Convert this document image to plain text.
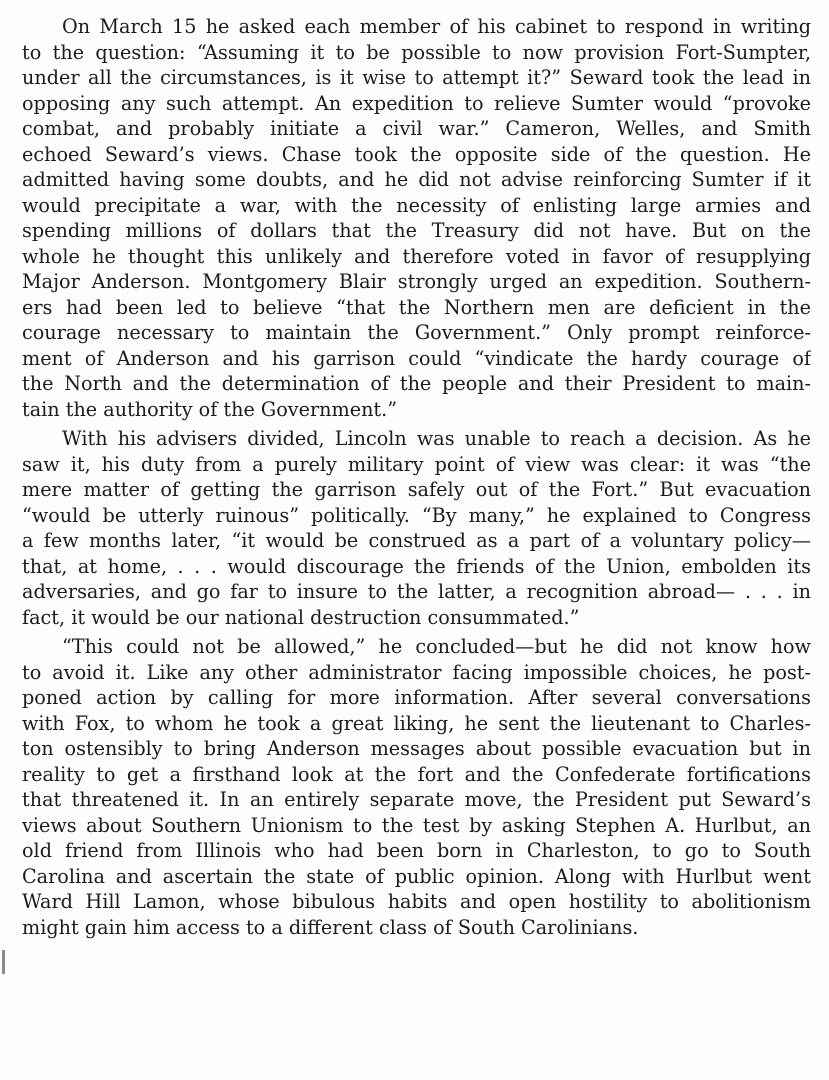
On March 15 he asked each member of his cabinet to respond in writing
to the question: “Assuming it to be possible to now provision Fort-Sumpter,
under all the circumstances, is it wise to attempt it?” Seward took the lead in
opposing any such attempt. An expedition to relieve Sumter would “provoke
combat, and probably initiate a civil war.” Cameron, Welles, and Smith
echoed Seward’s views. Chase took the opposite side of the question. He
admitted having some doubts, and he did not advise reinforcing Sumter if it
would precipitate a war, with the necessity of enlisting large armies and
spending millions of dollars that the Treasury did not have. But on the
whole he thought this unlikely and therefore voted in favor of resupplying
Major Anderson. Montgomery Blair strongly urged an expedition. Southern-
ers had been led to believe “that the Northern men are deficient in the
courage necessary to maintain the Government.” Only prompt reinforce-
ment of Anderson and his garrison could “vindicate the hardy courage of
the North and the determination of the people and their President to main-
tain the authority of the Government.”
With his advisers divided, Lincoln was unable to reach a decision. As he
saw it, his duty from a purely military point of view was clear: it was “the
mere matter of getting the garrison safely out of the Fort.” But evacuation
“would be utterly ruinous” politically. “By many,” he explained to Congress
a few months later, “it would be construed as a part of a voluntary policy—
that, at home, . . . would discourage the friends of the Union, embolden its
adversaries, and go far to insure to the latter, a recognition abroad— . . . in
fact, it would be our national destruction consummated.”
“This could not be allowed,” he concluded—but he did not know how
to avoid it. Like any other administrator facing impossible choices, he post-
poned action by calling for more information. After several conversations
with Fox, to whom he took a great liking, he sent the lieutenant to Charles-
ton ostensibly to bring Anderson messages about possible evacuation but in
reality to get a firsthand look at the fort and the Confederate fortifications
that threatened it. In an entirely separate move, the President put Seward’s
views about Southern Unionism to the test by asking Stephen A. Hurlbut, an
old friend from Illinois who had been born in Charleston, to go to South
Carolina and ascertain the state of public opinion. Along with Hurlbut went
Ward Hill Lamon, whose bibulous habits and open hostility to abolitionism
might gain him access to a different class of South Carolinians.
